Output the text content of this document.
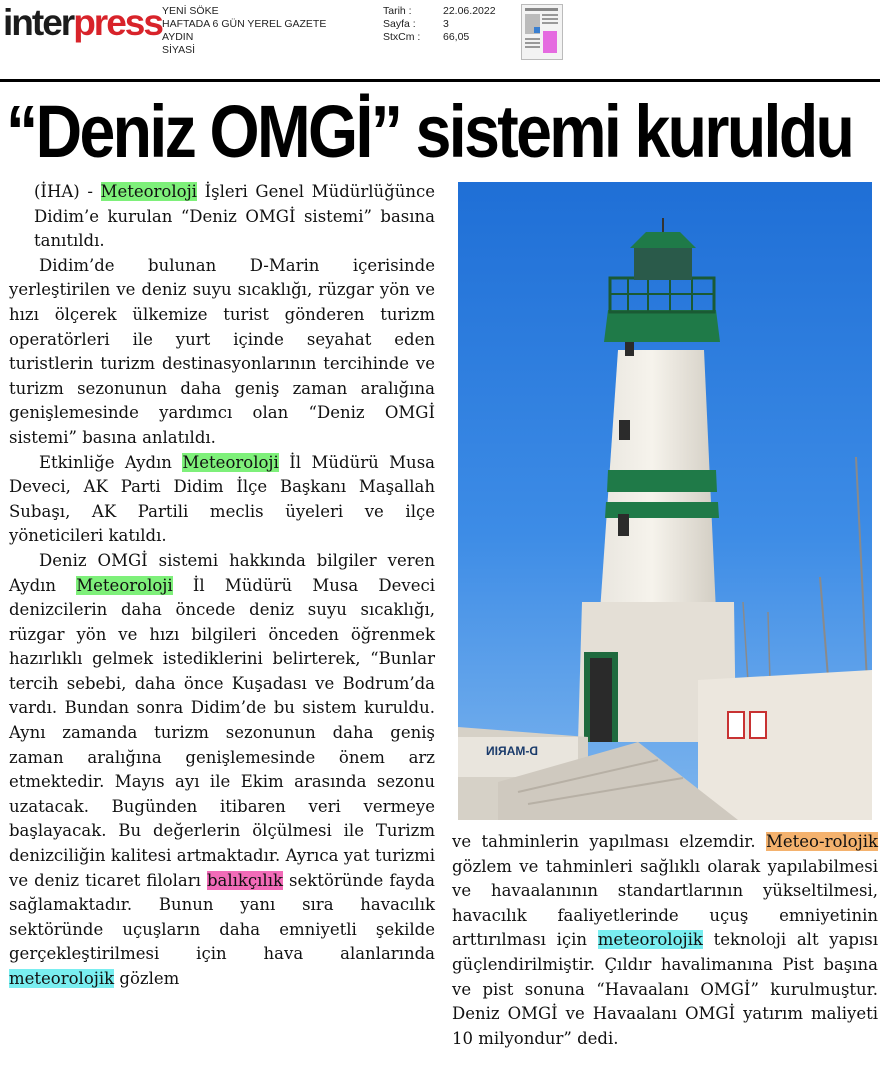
interpress YENİ SÖKE
HAFTADA 6 GÜN YEREL GAZETE
AYDIN
SİYASİ
Tarih :
Sayfa :
StxCm :
22.06.2022
3
66,05
“Deniz OMGİ” sistemi kuruldu

(İHA) - Meteoroloji İşleri Genel Müdürlüğünce Didim’e kurulan “Deniz OMGİ sistemi” basına tanıtıldı.

Didim’de bulunan D-Marin içerisinde yerleştirilen ve deniz suyu sıcaklığı, rüzgar yön ve hızı ölçerek ülkemize turist gönderen turizm operatörleri ile yurt içinde seyahat eden turistlerin turizm destinasyonlarının tercihinde ve turizm sezonunun daha geniş zaman aralığına genişlemesinde yardımcı olan “Deniz OMGİ sistemi” basına anlatıldı.

Etkinliğe Aydın Meteoroloji İl Müdürü Musa Deveci, AK Parti Didim İlçe Başkanı Maşallah Subaşı, AK Partili meclis üyeleri ve ilçe yöneticileri katıldı.

Deniz OMGİ sistemi hakkında bilgiler veren Aydın Meteoroloji İl Müdürü Musa Deveci denizcilerin daha öncede deniz suyu sıcaklığı, rüzgar yön ve hızı bilgileri önceden öğrenmek hazırlıklı gelmek istediklerini belirterek, “Bunlar tercih sebebi, daha önce Kuşadası ve Bodrum’da vardı. Bundan sonra Didim’de bu sistem kuruldu. Aynı zamanda turizm sezonunun daha geniş zaman aralığına genişlemesinde önem arz etmektedir. Mayıs ayı ile Ekim arasında sezonu uzatacak. Bugünden itibaren veri vermeye başlayacak. Bu değerlerin ölçülmesi ile Turizm denizciliğin kalitesi artmaktadır. Ayrıca yat turizmi ve deniz ticaret filoları balıkçılık sektöründe fayda sağlamaktadır. Bunun yanı sıra havacılık sektöründe uçuşların daha emniyetli şekilde gerçekleştirilmesi için hava alanlarında meteorolojik gözlem

D-MARIN

ve tahminlerin yapılması elzemdir. Meteo-rolojik gözlem ve tahminleri sağlıklı olarak yapılabilmesi ve havaalanının standartlarının yükseltilmesi, havacılık faaliyetlerinde uçuş emniyetinin arttırılması için meteorolojik teknoloji alt yapısı güçlendirilmiştir. Çıldır havalimanına Pist başına ve pist sonuna “Havaalanı OMGİ” kurulmuştur. Deniz OMGİ ve Havaalanı OMGİ yatırım maliyeti 10 milyondur” dedi.
